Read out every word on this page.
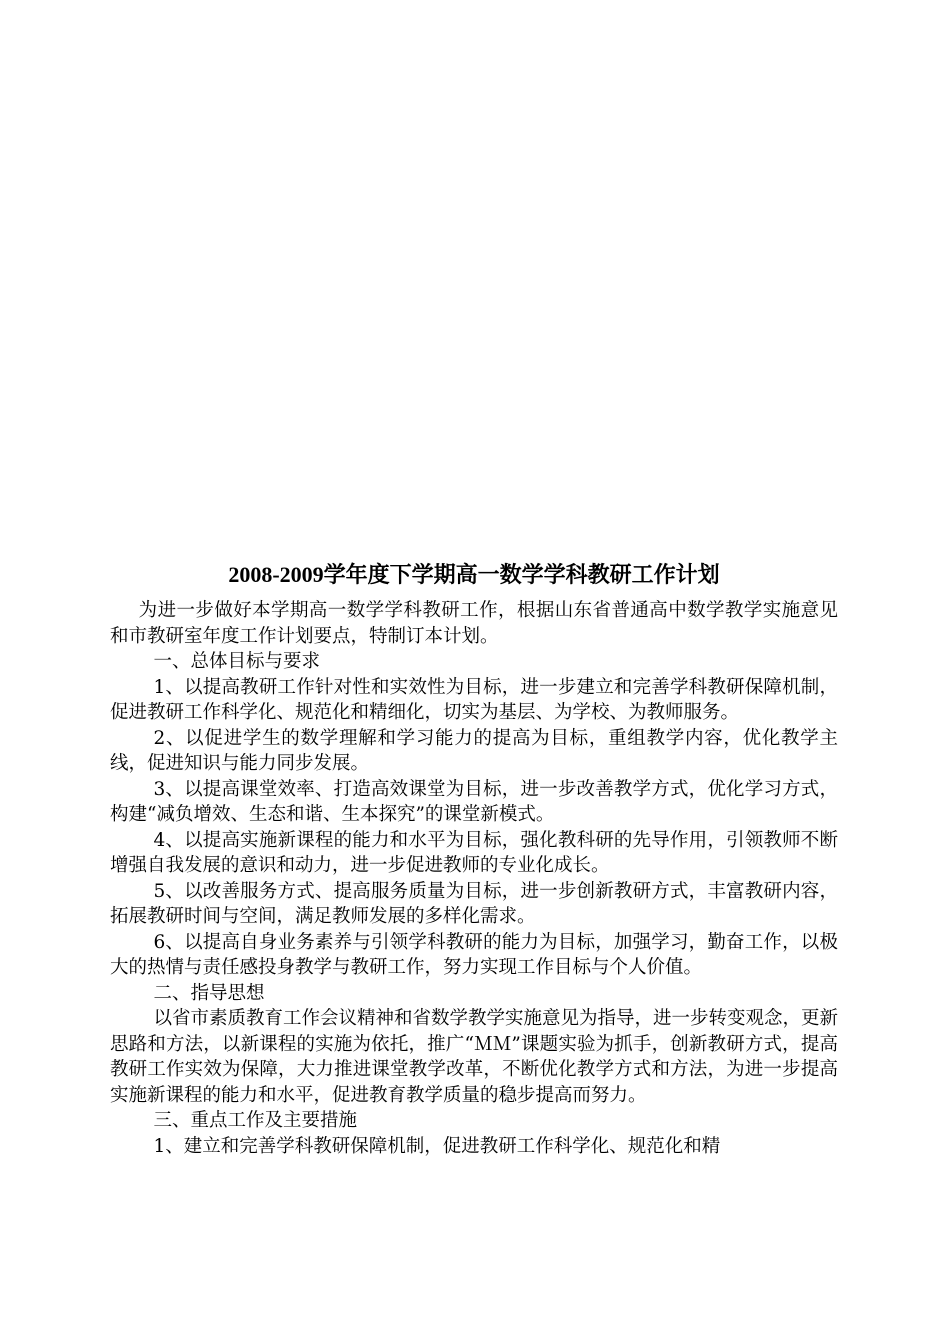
2008-2009学年度下学期高一数学学科教研工作计划

为进一步做好本学期高一数学学科教研工作，根据山东省普通高中数学教学实施意见和市教研室年度工作计划要点，特制订本计划。

一、总体目标与要求

1、以提高教研工作针对性和实效性为目标，进一步建立和完善学科教研保障机制，促进教研工作科学化、规范化和精细化，切实为基层、为学校、为教师服务。

2、以促进学生的数学理解和学习能力的提高为目标，重组教学内容，优化教学主线，促进知识与能力同步发展。

3、以提高课堂效率、打造高效课堂为目标，进一步改善教学方式，优化学习方式，构建“减负增效、生态和谐、生本探究”的课堂新模式。

4、以提高实施新课程的能力和水平为目标，强化教科研的先导作用，引领教师不断增强自我发展的意识和动力，进一步促进教师的专业化成长。

5、以改善服务方式、提高服务质量为目标，进一步创新教研方式，丰富教研内容，拓展教研时间与空间，满足教师发展的多样化需求。

6、以提高自身业务素养与引领学科教研的能力为目标，加强学习，勤奋工作，以极大的热情与责任感投身教学与教研工作，努力实现工作目标与个人价值。

二、指导思想

以省市素质教育工作会议精神和省数学教学实施意见为指导，进一步转变观念，更新思路和方法，以新课程的实施为依托，推广“ＭＭ”课题实验为抓手，创新教研方式，提高教研工作实效为保障，大力推进课堂教学改革，不断优化教学方式和方法，为进一步提高实施新课程的能力和水平，促进教育教学质量的稳步提高而努力。

三、重点工作及主要措施

1、建立和完善学科教研保障机制，促进教研工作科学化、规范化和精
